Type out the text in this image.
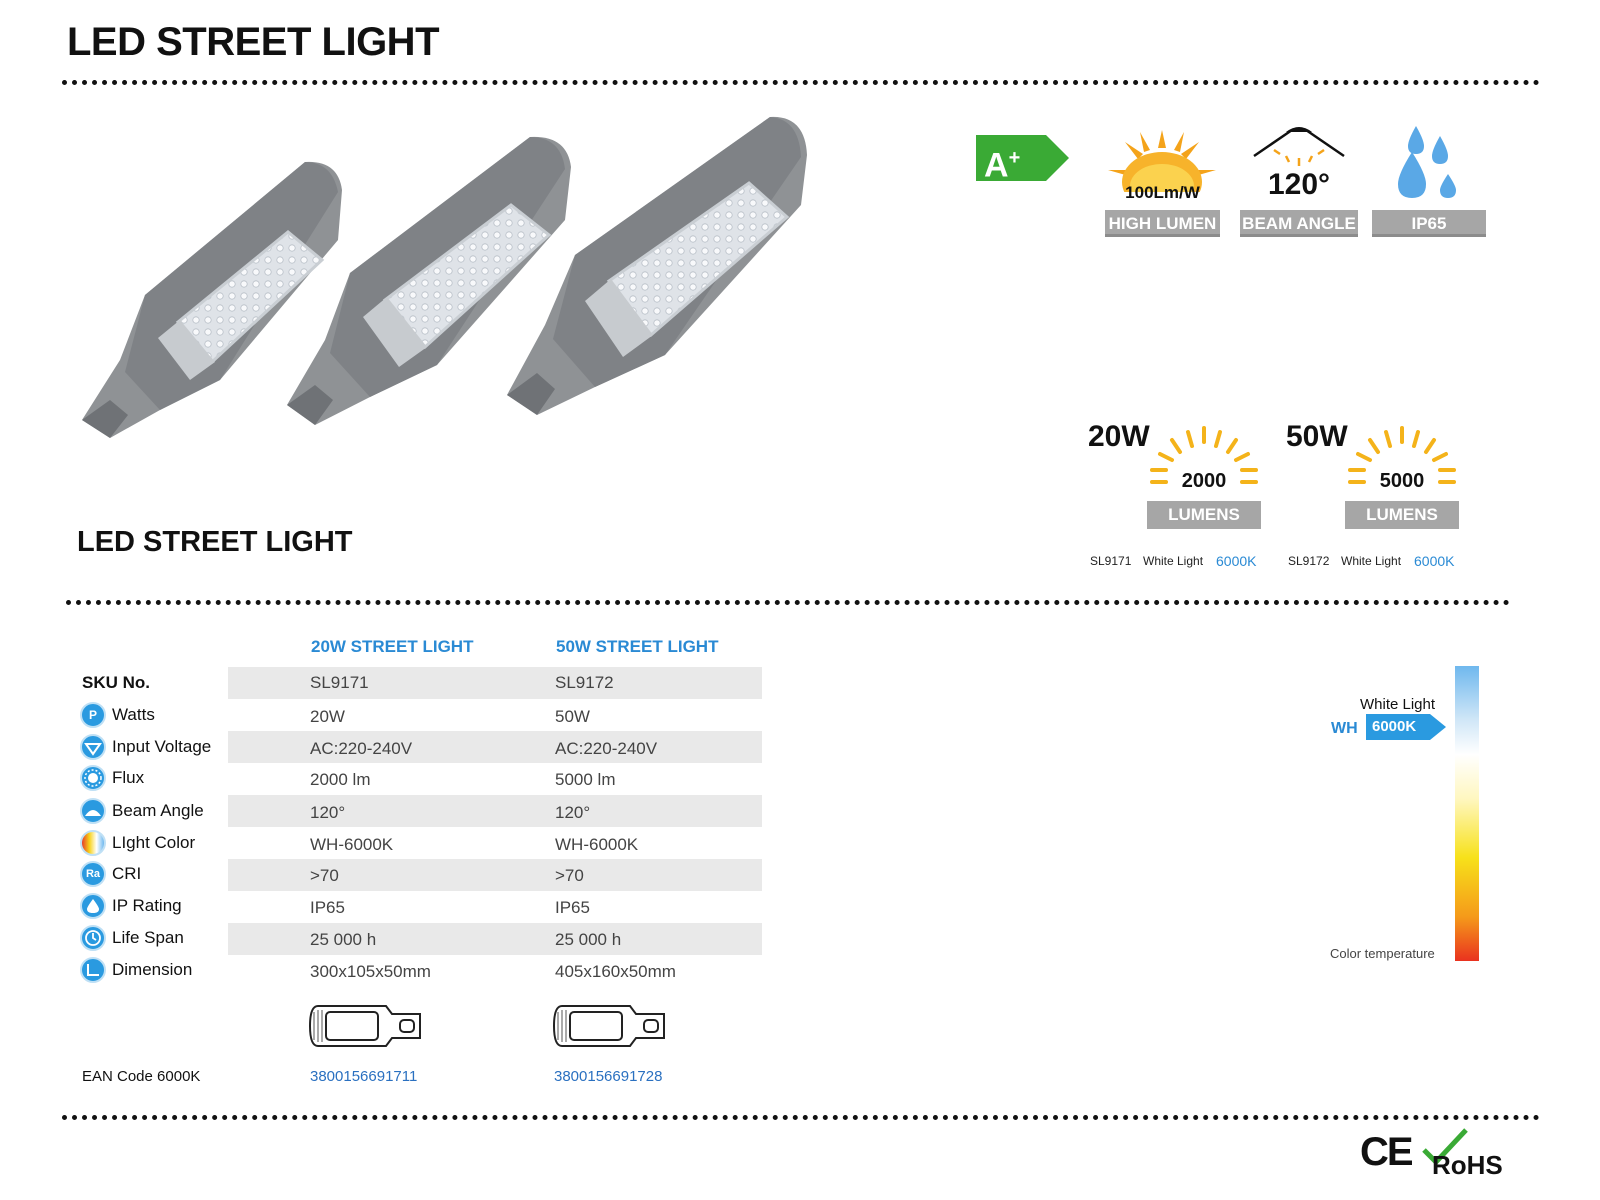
LED STREET LIGHT
LED STREET LIGHT
A+
100Lm/W
HIGH LUMEN
120°
BEAM ANGLE	IP65
20W
2000
LUMENS
SL9171 White Light 6000K
50W
5000
LUMENS
SL9172 White Light 6000K
20W STREET LIGHT	50W STREET LIGHT
SKU No.	SL9171	SL9172
P Watts	20W	50W
Input Voltage	AC:220-240V	AC:220-240V
Flux	2000 lm	5000 lm
Beam Angle	120°	120°
LIght Color	WH-6000K	WH-6000K
Ra CRI	>70	>70
IP Rating	IP65	IP65
Life Span	25 000 h	25 000 h
Dimension	300x105x50mm	405x160x50mm
EAN Code 6000K	3800156691711	3800156691728
White Light
WH 6000K
Color temperature
CE RoHS
